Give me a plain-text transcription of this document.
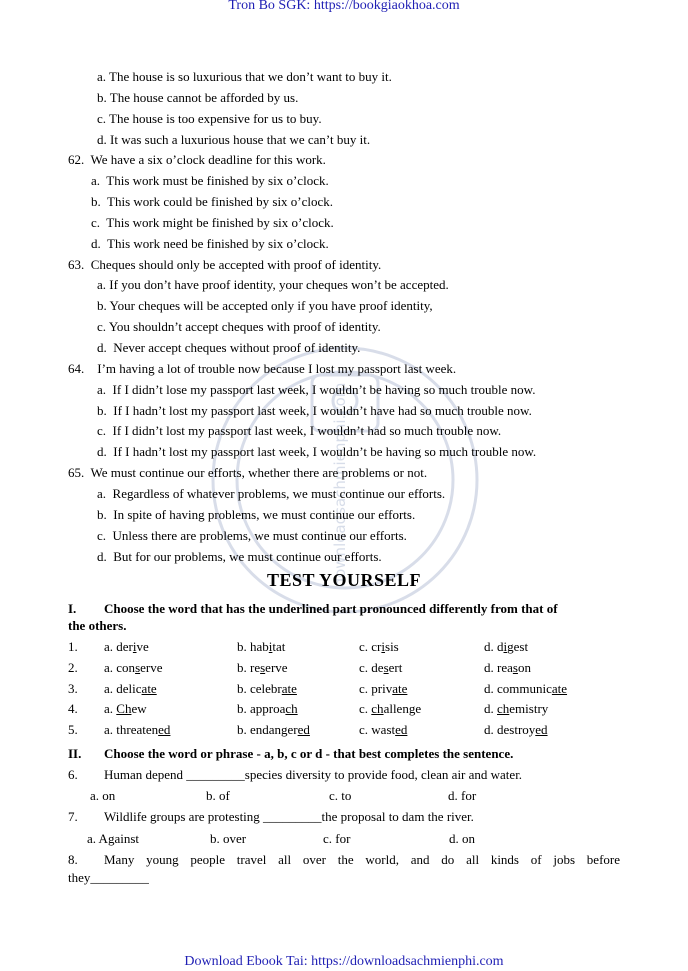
Tron Bo SGK: https://bookgiaokhoa.com
downloadsachmienphi.com
a. The house is so luxurious that we don’t want to buy it.
b. The house cannot be afforded by us.
c. The house is too expensive for us to buy.
d. It was such a luxurious house that we can’t buy it.
62. We have a six o’clock deadline for this work.
a. This work must be finished by six o’clock.
b. This work could be finished by six o’clock.
c. This work might be finished by six o’clock.
d. This work need be finished by six o’clock.
63. Cheques should only be accepted with proof of identity.
a. If you don’t have proof identity, your cheques won’t be accepted.
b. Your cheques will be accepted only if you have proof identity,
c. You shouldn’t accept cheques with proof of identity.
d. Never accept cheques without proof of identity.
64. I’m having a lot of trouble now because I lost my passport last week.
a. If I didn’t lose my passport last week, I wouldn’t be having so much trouble now.
b. If I hadn’t lost my passport last week, I wouldn’t have had so much trouble now.
c. If I didn’t lost my passport last week, I wouldn’t had so much trouble now.
d. If I hadn’t lost my passport last week, I wouldn’t be having so much trouble now.
65. We must continue our efforts, whether there are problems or not.
a. Regardless of whatever problems, we must continue our efforts.
b. In spite of having problems, we must continue our efforts.
c. Unless there are problems, we must continue our efforts.
d. But for our problems, we must continue our efforts.
TEST YOURSELF
I. Choose the word that has the underlined part pronounced differently from that of
the others.
1. a. derive	b. habitat	c. crisis	d. digest
2. a. conserve	b. reserve	c. desert	d. reason
3. a. delicate	b. celebrate	c. private	d. communicate
4. a. Chew	b. approach	c. challenge	d. chemistry
5. a. threatened	b. endangered	c. wasted	d. destroyed
II. Choose the word or phrase - a, b, c or d - that best completes the sentence.
6. Human depend _________species diversity to provide food, clean air and water.
a. on	b. of	c. to	d. for
7. Wildlife groups are protesting _________the proposal to dam the river.
a. Against	b. over	c. for	d. on
8.	Many young people travel all over the world, and do all kinds of jobs before
they_________
Download Ebook Tai: https://downloadsachmienphi.com
